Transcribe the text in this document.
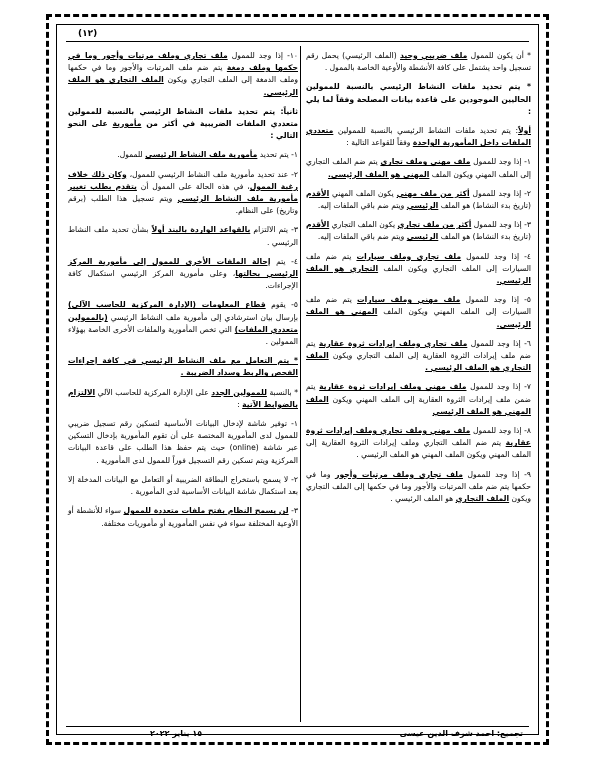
(١٢)

* أن يكون للممول ملف ضريبي وحيد (الملف الرئيسي) يحمل رقم تسجيل واحد يشتمل على كافة الأنشطة والأوعية الخاصة بالممول .

* يتم تحديد ملفات النشاط الرئيسي بالنسبة للممولين الحاليين الموجودين على قاعدة بيانات المصلحة وفقاً لما يلي :

أولاً: يتم تحديد ملفات النشاط الرئيسي بالنسبة للممولين متعددي الملفات داخل المأمورية الواحدة وفقاً للقواعد التالية :

١- إذا وجد للممول ملف مهني وملف تجاري يتم ضم الملف التجاري إلى الملف المهني ويكون الملف المهني هو الملف الرئيسي.

٢- إذا وجد للممول أكثر من ملف مهني يكون الملف المهني الأقدم (تاريخ بدء النشاط) هو الملف الرئيسي ويتم ضم باقي الملفات إليه.

٣- إذا وجد للممول أكثر من ملف تجاري يكون الملف التجاري الأقدم (تاريخ بدء النشاط) هو الملف الرئيسي ويتم ضم باقي الملفات إليه.

٤- إذا وجد للممول ملف تجاري وملف سيارات يتم ضم ملف السيارات إلى الملف التجاري ويكون الملف التجاري هو الملف الرئيسي.

٥- إذا وجد للممول ملف مهني وملف سيارات يتم ضم ملف السيارات إلى الملف المهني ويكون الملف المهني هو الملف الرئيسي.

٦- إذا وجد للممول ملف تجاري وملف إيرادات ثروة عقارية يتم ضم ملف إيرادات الثروة العقارية إلى الملف التجاري ويكون الملف التجاري هو الملف الرئيسي .

٧- إذا وجد للممول ملف مهني وملف إيرادات ثروة عقارية يتم ضمن ملف إيرادات الثروة العقارية إلى الملف المهني ويكون الملف المهني هو الملف الرئيسي

٨- إذا وجد للممول ملف مهني وملف تجاري وملف إيرادات ثروة عقارية يتم ضم الملف التجاري وملف إيرادات الثروة العقارية إلى الملف المهني ويكون الملف المهني هو الملف الرئيسي .

٩- إذا وجد للممول ملف تجاري وملف مرتبات وأجور وما في حكمها يتم ضم ملف المرتبات والأجور وما في حكمها إلى الملف التجاري ويكون الملف التجاري هو الملف الرئيسي .

١٠- إذا وجد للممول ملف تجاري وملف مرتبات وأجور وما في حكمها وملف دمغة يتم ضم ملف المرتبات والأجور وما في حكمها وملف الدمغة إلى الملف التجاري ويكون الملف التجاري هو الملف الرئيسي.

ثانياً: يتم تحديد ملفات النشاط الرئيسي بالنسبة للممولين متعددي الملفات الضريبية في أكثر من مأمورية على النحو التالي :

١- يتم تحديد مأمورية ملف النشاط الرئيسي للممول.

٢- عند تحديد مأمورية ملف النشاط الرئيسي للممول، وكان ذلك خلاف رغبة الممول، في هذه الحالة على الممول أن يتقدم بطلب تغيير مأمورية ملف النشاط الرئيسي ويتم تسجيل هذا الطلب (برقم وتاريخ) على النظام.

٣- يتم الالتزام بالقواعد الواردة بالبند أولاً بشأن تحديد ملف النشاط الرئيسي .

٤- يتم إحالة الملفات الأخرى للممول إلى مأمورية المركز الرئيسي بحالتها، وعلى مأمورية المركز الرئيسي استكمال كافة الإجراءات.

٥- يقوم قطاع المعلومات (الإدارة المركزية للحاسب الآلي) بإرسال بيان استرشادي إلى مأمورية ملف النشاط الرئيسي (بالممولين متعددي الملفات) التي تخص المأمورية والملفات الأخرى الخاصة بهؤلاء الممولين .

* يتم التعامل مع ملف النشاط الرئيسي في كافة إجراءات الفحص والربط وسداد الضريبة .

* بالنسبة للممولين الجدد على الإدارة المركزية للحاسب الآلي الالتزام بالضوابط الآتية :

١- توفير شاشة لإدخال البيانات الأساسية لتسكين رقم تسجيل ضريبي للممول لدى المأمورية المختصة على أن تقوم المأمورية بإدخال التسكين عبر شاشة (online) حيث يتم حفظ هذا الطلب على قاعدة البيانات المركزية ويتم تسكين رقم التسجيل فوراً للممول لدى المأمورية .

٢- لا يسمح باستخراج البطاقة الضريبية أو التعامل مع البيانات المدخلة إلا بعد استكمال شاشة البيانات الأساسية لدى المأمورية .

٣- لن يسمح النظام بفتح ملفات متعددة للممول سواء للأنشطة أو الأوعية المختلفة سواء في نفس المأمورية أو مأموريات مختلفة.

تجميع: احمد شرف الدين عيسى
١٥ يناير ٢٠٢٢
